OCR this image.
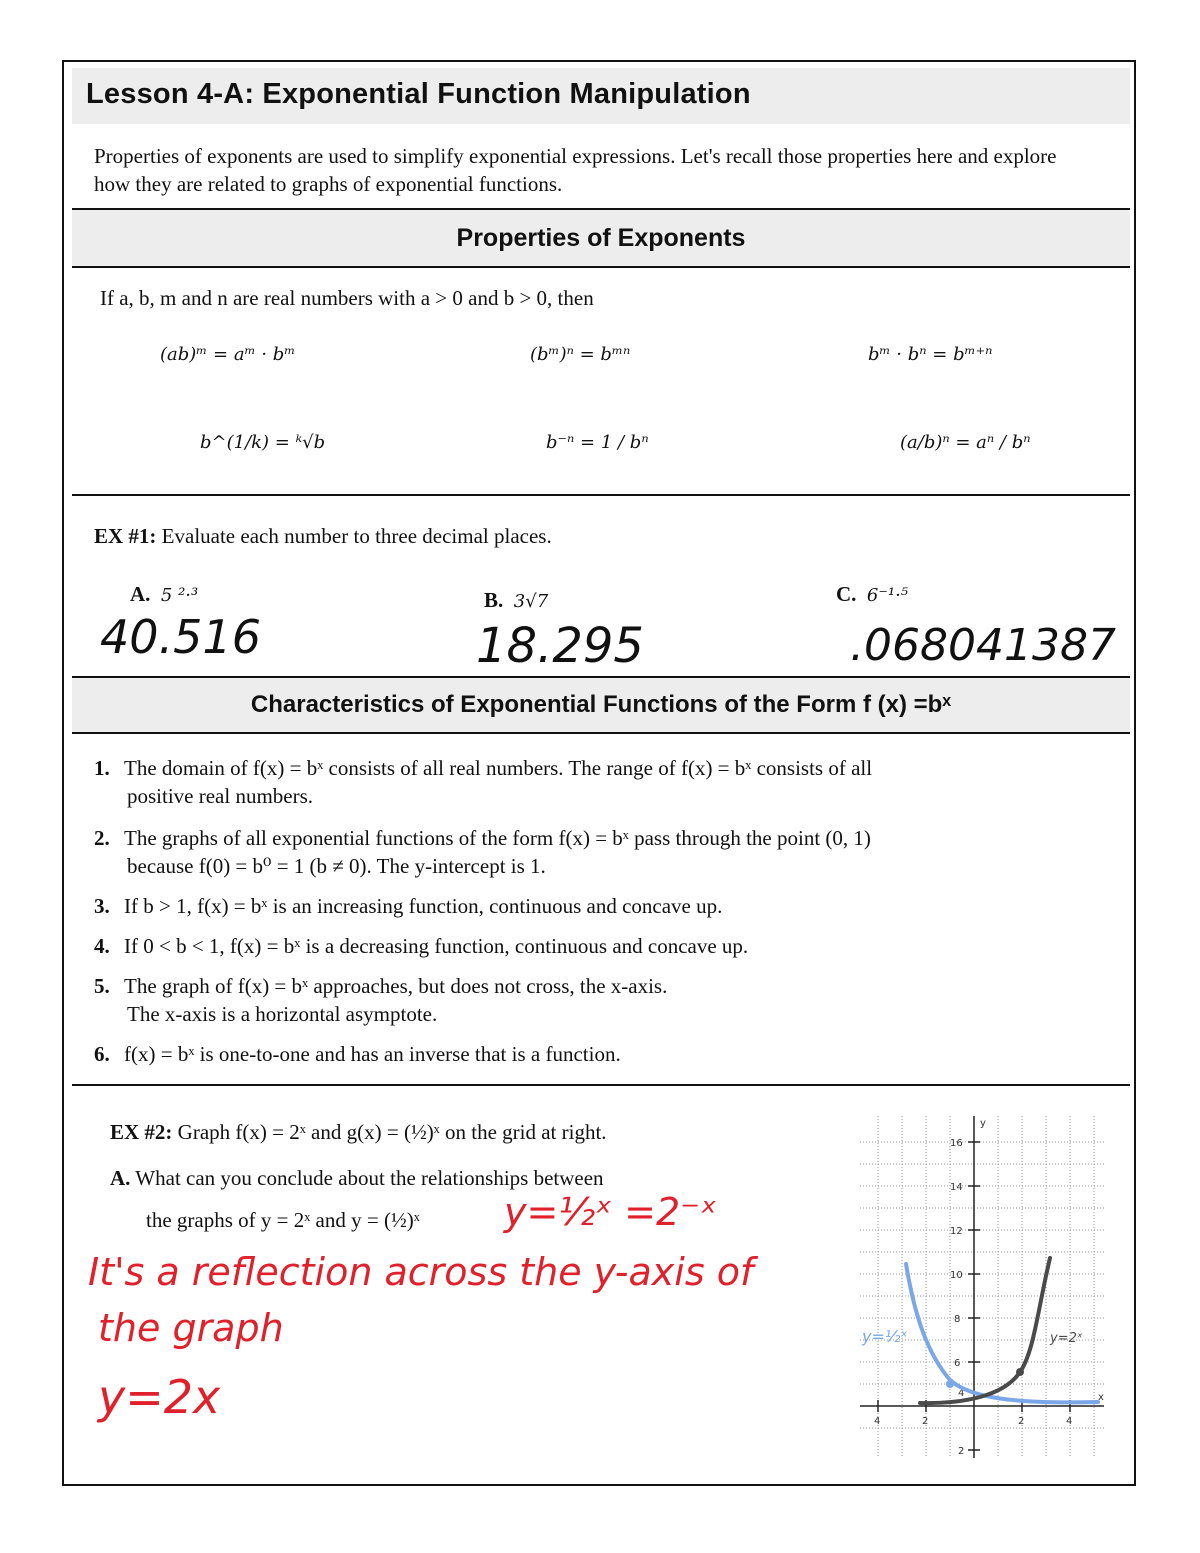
Lesson 4-A: Exponential Function Manipulation
Properties of exponents are used to simplify exponential expressions. Let's recall those properties here and explore how they are related to graphs of exponential functions.
Properties of Exponents
If a, b, m and n are real numbers with a > 0 and b > 0, then
(ab)ᵐ = aᵐ · bᵐ	(bᵐ)ⁿ = bᵐⁿ	bᵐ · bⁿ = bᵐ⁺ⁿ
b^(1/k) = ᵏ√b	b⁻ⁿ = 1 / bⁿ	(a/b)ⁿ = aⁿ / bⁿ
EX #1: Evaluate each number to three decimal places.
A. 5 ²·³	B. 3√7	C. 6⁻¹·⁵
40.516	18.295	.068041387
Characteristics of Exponential Functions of the Form f (x) =bˣ
1. The domain of f(x) = bˣ consists of all real numbers. The range of f(x) = bˣ consists of all
positive real numbers.
2. The graphs of all exponential functions of the form f(x) = bˣ pass through the point (0, 1)
because f(0) = b⁰ = 1 (b ≠ 0). The y-intercept is 1.
3. If b > 1, f(x) = bˣ is an increasing function, continuous and concave up.
4. If 0 < b < 1, f(x) = bˣ is a decreasing function, continuous and concave up.
5. The graph of f(x) = bˣ approaches, but does not cross, the x-axis.
The x-axis is a horizontal asymptote.
6. f(x) = bˣ is one-to-one and has an inverse that is a function.
EX #2: Graph f(x) = 2ˣ and g(x) = (½)ˣ on the grid at right.
A. What can you conclude about the relationships between
the graphs of y = 2ˣ and y = (½)ˣ y=½ˣ =2⁻ˣ
It's a reflection across the y-axis of
the graph
y=2x
16
14
12
10
8
6
4
2
4	2	2	4
y
x
y=½ˣ	y=2ˣ
